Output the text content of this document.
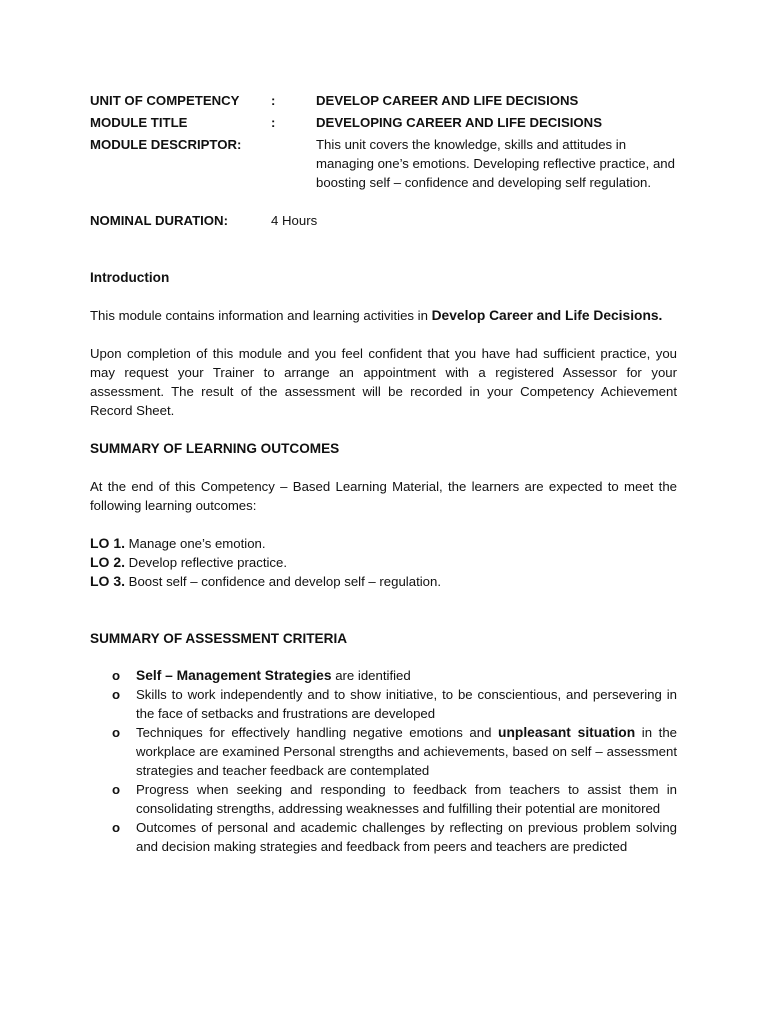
UNIT OF COMPETENCY	:	DEVELOP CAREER AND LIFE DECISIONS
MODULE TITLE	:	DEVELOPING CAREER AND LIFE DECISIONS
MODULE DESCRIPTOR:	This unit covers the knowledge, skills and attitudes in managing one’s emotions. Developing reflective practice, and boosting self – confidence and developing self regulation.
NOMINAL DURATION:	4 Hours
Introduction

This module contains information and learning activities in Develop Career and Life Decisions.

Upon completion of this module and you feel confident that you have had sufficient practice, you may request your Trainer to arrange an appointment with a registered Assessor for your assessment. The result of the assessment will be recorded in your Competency Achievement Record Sheet.

SUMMARY OF LEARNING OUTCOMES

At the end of this Competency – Based Learning Material, the learners are expected to meet the following learning outcomes:

LO 1. Manage one’s emotion.
LO 2. Develop reflective practice.
LO 3. Boost self – confidence and develop self – regulation.
SUMMARY OF ASSESSMENT CRITERIA
o Self – Management Strategies are identified
o Skills to work independently and to show initiative, to be conscientious, and persevering in the face of setbacks and frustrations are developed
o Techniques for effectively handling negative emotions and unpleasant situation in the workplace are examined Personal strengths and achievements, based on self – assessment strategies and teacher feedback are contemplated
o Progress when seeking and responding to feedback from teachers to assist them in consolidating strengths, addressing weaknesses and fulfilling their potential are monitored
o Outcomes of personal and academic challenges by reflecting on previous problem solving and decision making strategies and feedback from peers and teachers are predicted
